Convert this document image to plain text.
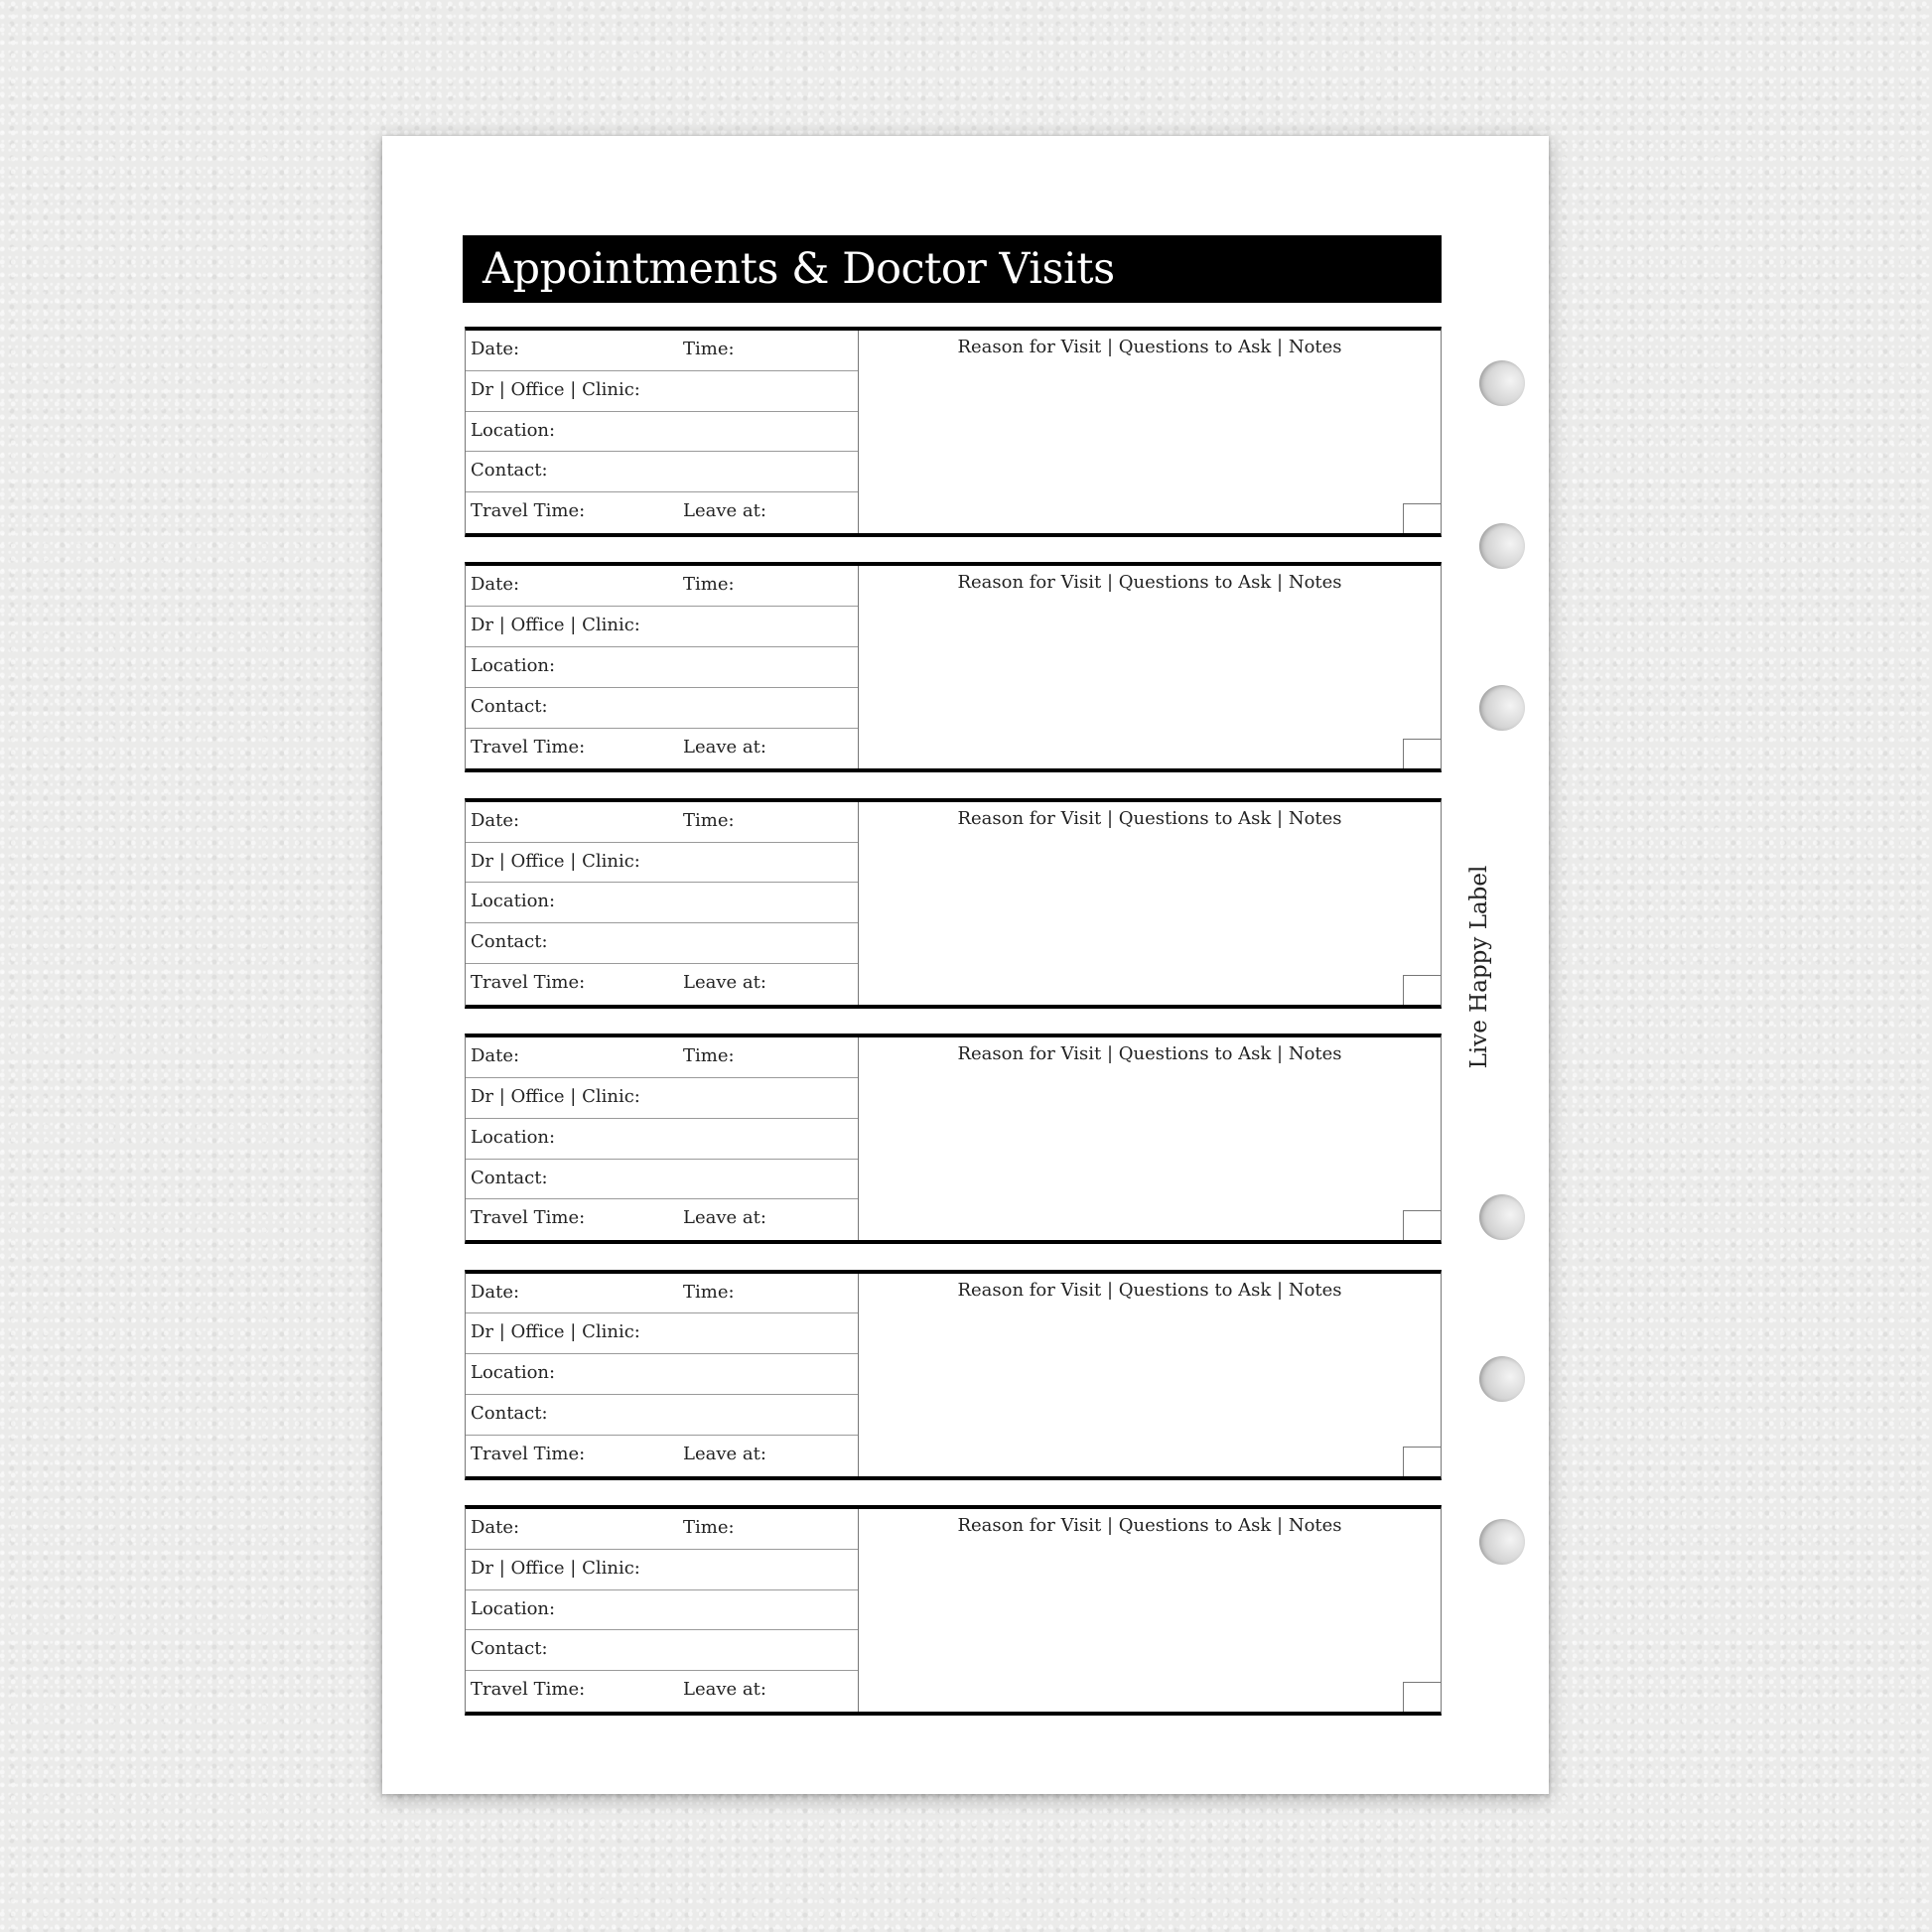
Appointments & Doctor Visits
Date:	Time:
Dr | Office | Clinic:
Location:
Contact:
Travel Time:	Leave at:
Reason for Visit | Questions to Ask | Notes
Date:	Time:
Dr | Office | Clinic:
Location:
Contact:
Travel Time:	Leave at:
Reason for Visit | Questions to Ask | Notes
Date:	Time:
Dr | Office | Clinic:
Location:
Contact:
Travel Time:	Leave at:
Reason for Visit | Questions to Ask | Notes
Date:	Time:
Dr | Office | Clinic:
Location:
Contact:
Travel Time:	Leave at:
Reason for Visit | Questions to Ask | Notes
Date:	Time:
Dr | Office | Clinic:
Location:
Contact:
Travel Time:	Leave at:
Reason for Visit | Questions to Ask | Notes
Date:	Time:
Dr | Office | Clinic:
Location:
Contact:
Travel Time:	Leave at:
Reason for Visit | Questions to Ask | Notes
Live Happy Label
